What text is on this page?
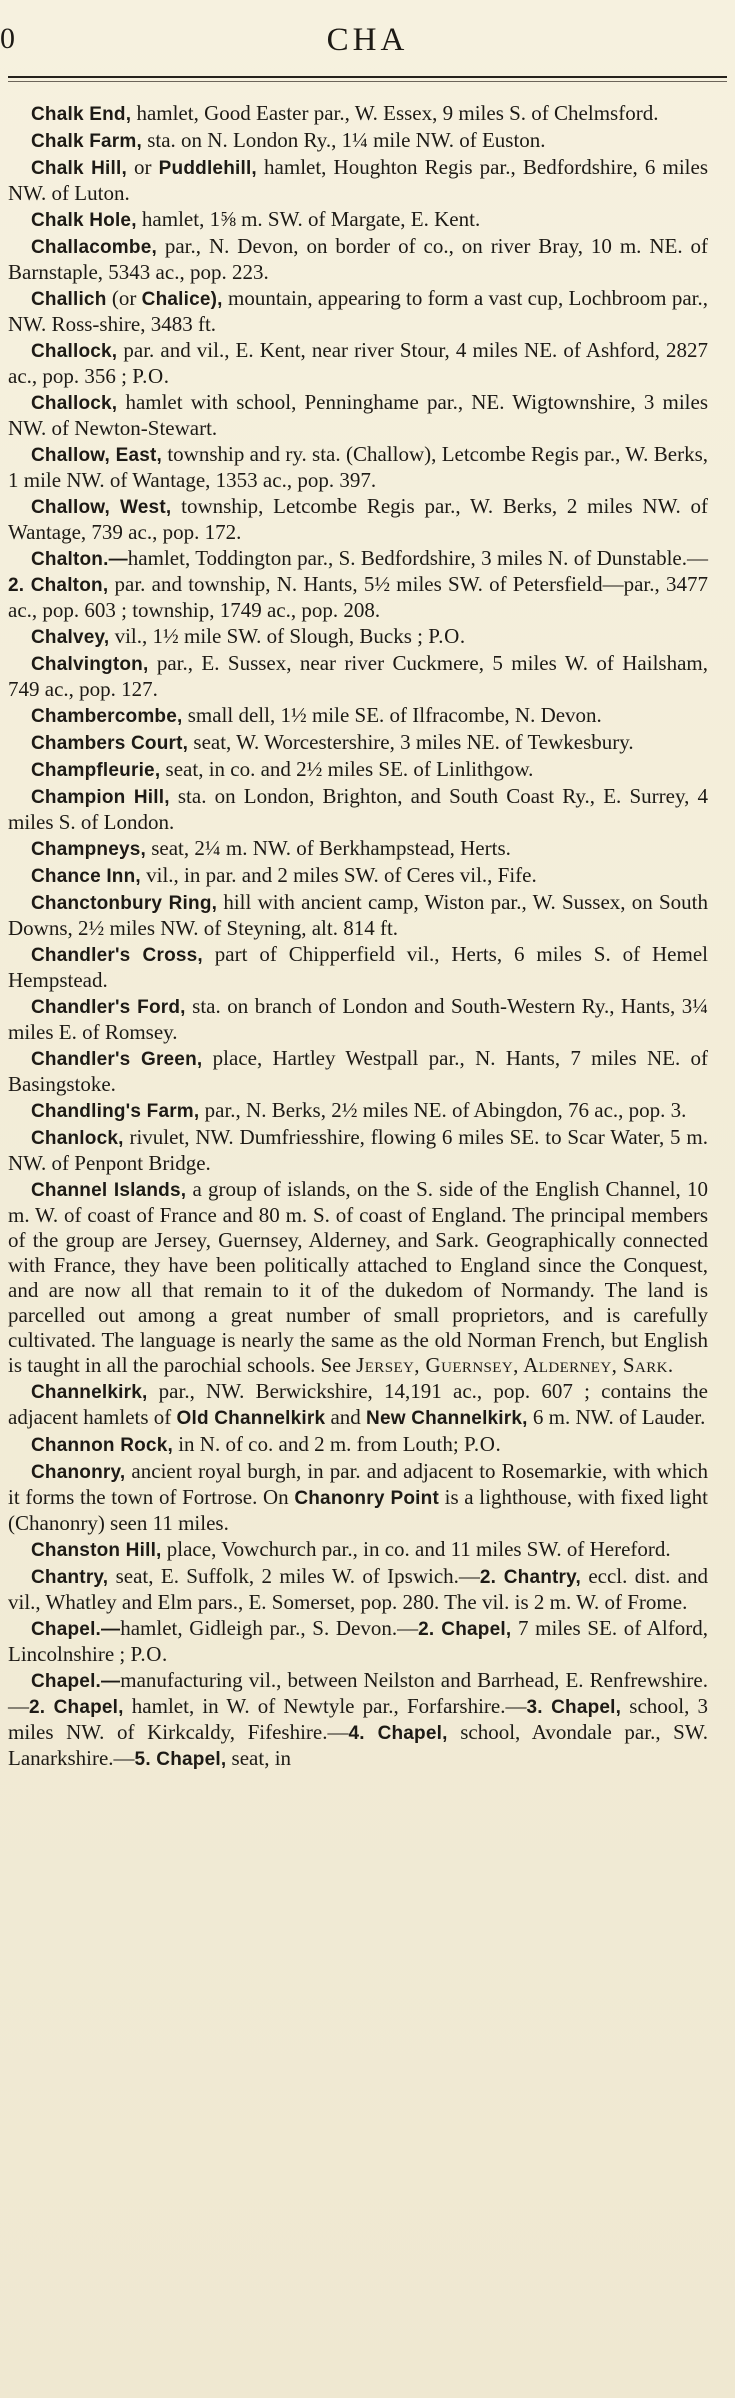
0	CHA

Chalk End, hamlet, Good Easter par., W. Essex, 9 miles S. of Chelmsford.

Chalk Farm, sta. on N. London Ry., 1¼ mile NW. of Euston.

Chalk Hill, or Puddlehill, hamlet, Houghton Regis par., Bedfordshire, 6 miles NW. of Luton.

Chalk Hole, hamlet, 1⅝ m. SW. of Margate, E. Kent.

Challacombe, par., N. Devon, on border of co., on river Bray, 10 m. NE. of Barnstaple, 5343 ac., pop. 223.

Challich (or Chalice), mountain, appearing to form a vast cup, Lochbroom par., NW. Ross-shire, 3483 ft.

Challock, par. and vil., E. Kent, near river Stour, 4 miles NE. of Ashford, 2827 ac., pop. 356 ; P.O.

Challock, hamlet with school, Penninghame par., NE. Wigtownshire, 3 miles NW. of Newton-Stewart.

Challow, East, township and ry. sta. (Challow), Letcombe Regis par., W. Berks, 1 mile NW. of Wantage, 1353 ac., pop. 397.

Challow, West, township, Letcombe Regis par., W. Berks, 2 miles NW. of Wantage, 739 ac., pop. 172.

Chalton.—hamlet, Toddington par., S. Bedfordshire, 3 miles N. of Dunstable.—2. Chalton, par. and township, N. Hants, 5½ miles SW. of Petersfield—par., 3477 ac., pop. 603 ; township, 1749 ac., pop. 208.

Chalvey, vil., 1½ mile SW. of Slough, Bucks ; P.O.

Chalvington, par., E. Sussex, near river Cuckmere, 5 miles W. of Hailsham, 749 ac., pop. 127.

Chambercombe, small dell, 1½ mile SE. of Ilfracombe, N. Devon.

Chambers Court, seat, W. Worcestershire, 3 miles NE. of Tewkesbury.

Champfleurie, seat, in co. and 2½ miles SE. of Linlithgow.

Champion Hill, sta. on London, Brighton, and South Coast Ry., E. Surrey, 4 miles S. of London.

Champneys, seat, 2¼ m. NW. of Berkhampstead, Herts.

Chance Inn, vil., in par. and 2 miles SW. of Ceres vil., Fife.

Chanctonbury Ring, hill with ancient camp, Wiston par., W. Sussex, on South Downs, 2½ miles NW. of Steyning, alt. 814 ft.

Chandler's Cross, part of Chipperfield vil., Herts, 6 miles S. of Hemel Hempstead.

Chandler's Ford, sta. on branch of London and South-Western Ry., Hants, 3¼ miles E. of Romsey.

Chandler's Green, place, Hartley Westpall par., N. Hants, 7 miles NE. of Basingstoke.

Chandling's Farm, par., N. Berks, 2½ miles NE. of Abingdon, 76 ac., pop. 3.

Chanlock, rivulet, NW. Dumfriesshire, flowing 6 miles SE. to Scar Water, 5 m. NW. of Penpont Bridge.

Channel Islands, a group of islands, on the S. side of the English Channel, 10 m. W. of coast of France and 80 m. S. of coast of England. The principal members of the group are Jersey, Guernsey, Alderney, and Sark. Geographically connected with France, they have been politically attached to England since the Conquest, and are now all that remain to it of the dukedom of Normandy. The land is parcelled out among a great number of small proprietors, and is carefully cultivated. The language is nearly the same as the old Norman French, but English is taught in all the parochial schools. See Jersey, Guernsey, Alderney, Sark.

Channelkirk, par., NW. Berwickshire, 14,191 ac., pop. 607 ; contains the adjacent hamlets of Old Channelkirk and New Channelkirk, 6 m. NW. of Lauder.

Channon Rock, in N. of co. and 2 m. from Louth; P.O.

Chanonry, ancient royal burgh, in par. and adjacent to Rosemarkie, with which it forms the town of Fortrose. On Chanonry Point is a lighthouse, with fixed light (Chanonry) seen 11 miles.

Chanston Hill, place, Vowchurch par., in co. and 11 miles SW. of Hereford.

Chantry, seat, E. Suffolk, 2 miles W. of Ipswich.—2. Chantry, eccl. dist. and vil., Whatley and Elm pars., E. Somerset, pop. 280. The vil. is 2 m. W. of Frome.

Chapel.—hamlet, Gidleigh par., S. Devon.—2. Chapel, 7 miles SE. of Alford, Lincolnshire ; P.O.

Chapel.—manufacturing vil., between Neilston and Barrhead, E. Renfrewshire.—2. Chapel, hamlet, in W. of Newtyle par., Forfarshire.—3. Chapel, school, 3 miles NW. of Kirkcaldy, Fifeshire.—4. Chapel, school, Avondale par., SW. Lanarkshire.—5. Chapel, seat, in
